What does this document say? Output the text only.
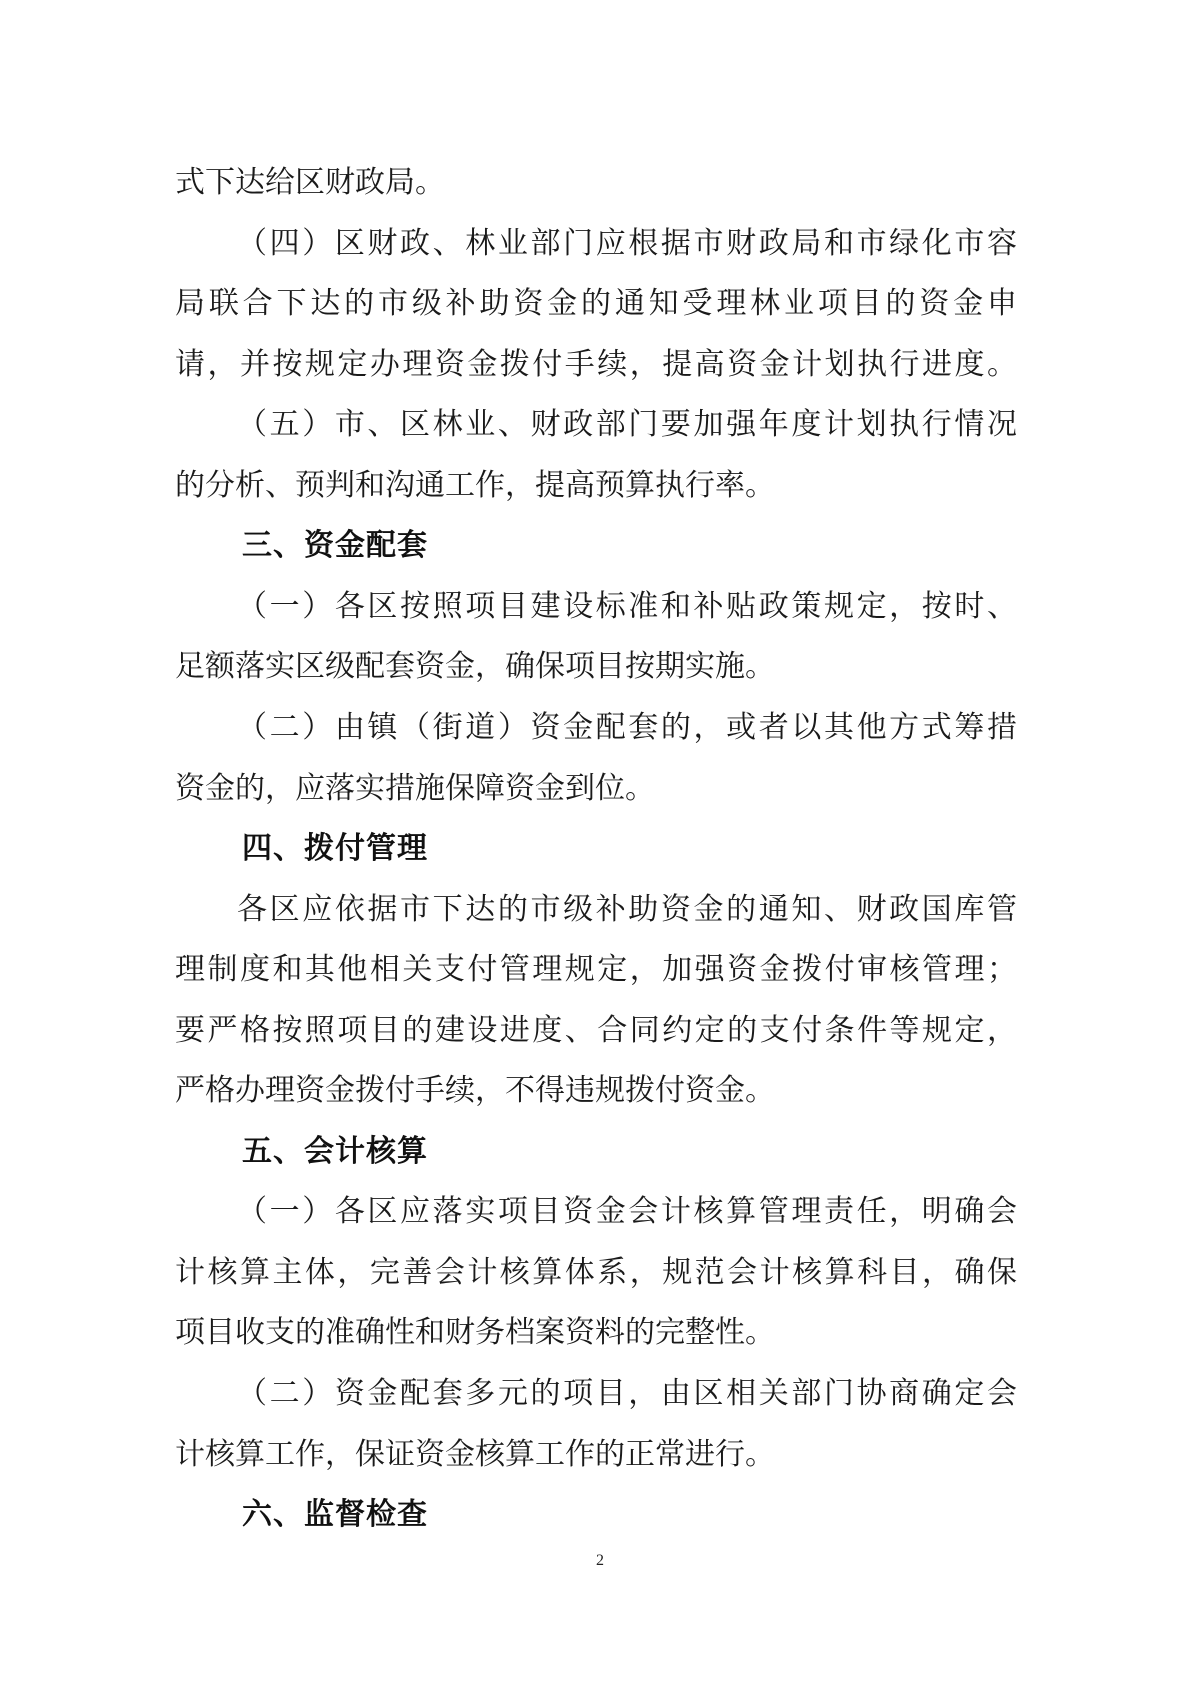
式下达给区财政局。
（四）区财政、林业部门应根据市财政局和市绿化市容
局联合下达的市级补助资金的通知受理林业项目的资金申
请，并按规定办理资金拨付手续，提高资金计划执行进度。
（五）市、区林业、财政部门要加强年度计划执行情况
的分析、预判和沟通工作，提高预算执行率。
三、资金配套
（一）各区按照项目建设标准和补贴政策规定，按时、
足额落实区级配套资金，确保项目按期实施。
（二）由镇（街道）资金配套的，或者以其他方式筹措
资金的，应落实措施保障资金到位。
四、拨付管理
各区应依据市下达的市级补助资金的通知、财政国库管
理制度和其他相关支付管理规定，加强资金拨付审核管理；
要严格按照项目的建设进度、合同约定的支付条件等规定，
严格办理资金拨付手续，不得违规拨付资金。
五、会计核算
（一）各区应落实项目资金会计核算管理责任，明确会
计核算主体，完善会计核算体系，规范会计核算科目，确保
项目收支的准确性和财务档案资料的完整性。
（二）资金配套多元的项目，由区相关部门协商确定会
计核算工作，保证资金核算工作的正常进行。
六、监督检查
2
